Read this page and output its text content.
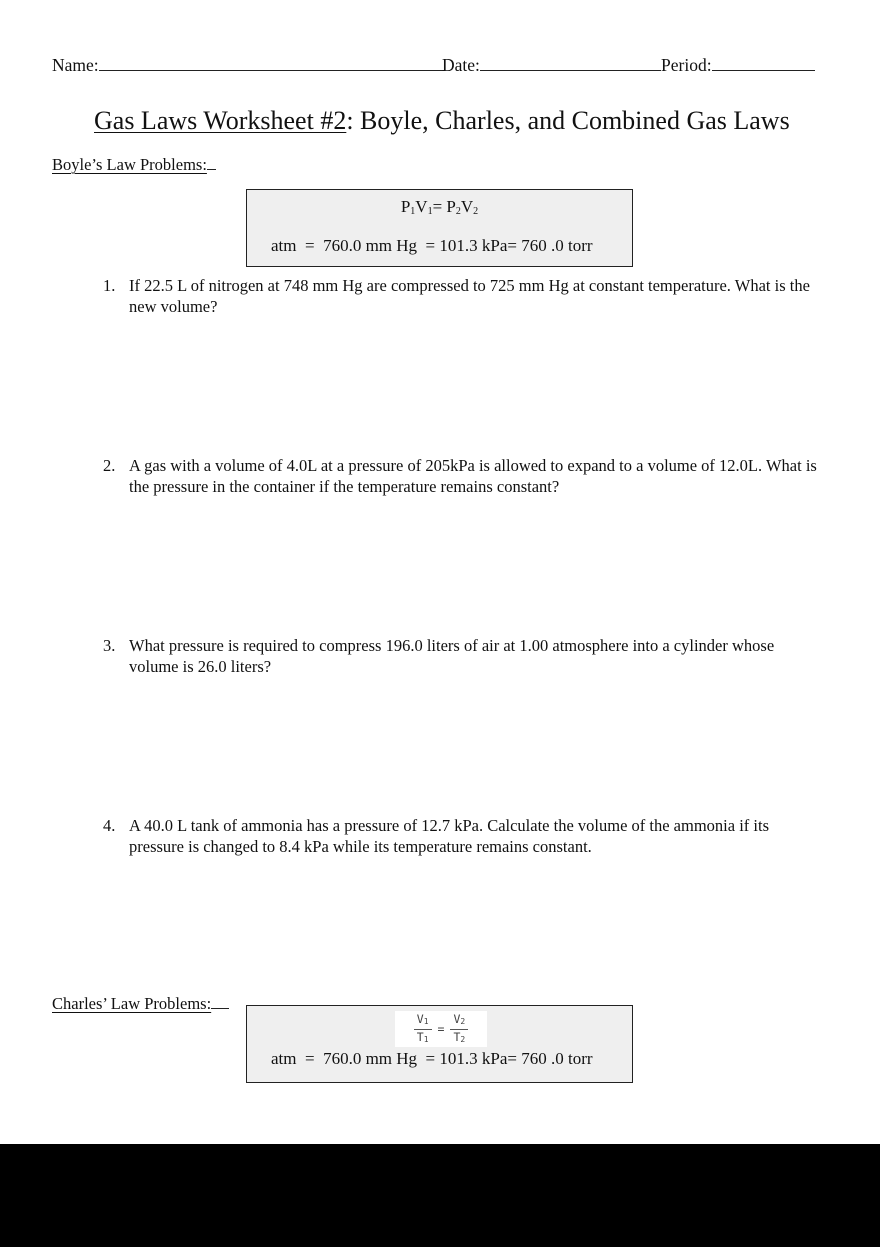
Name:	Date:	Period:
Gas Laws Worksheet #2: Boyle, Charles, and Combined Gas Laws
Boyle’s Law Problems:
$P_1V_1= P_2V_2$
atm  =  760.0 mm Hg  = 101.3 kPa= 760 .0 torr
1. If 22.5 L of nitrogen at 748 mm Hg are compressed to 725 mm Hg at constant temperature. What is the new volume?
2. A gas with a volume of 4.0L at a pressure of 205kPa is allowed to expand to a volume of 12.0L. What is the pressure in the container if the temperature remains constant?
3. What pressure is required to compress 196.0 liters of air at 1.00 atmosphere into a cylinder whose volume is 26.0 liters?
4. A 40.0 L tank of ammonia has a pressure of 12.7 kPa. Calculate the volume of the ammonia if its pressure is changed to 8.4 kPa while its temperature remains constant.
Charles’ Law Problems:
$\frac{V_1}{T_1} = \frac{V_2}{T_2}$
atm  =  760.0 mm Hg  = 101.3 kPa= 760 .0 torr
